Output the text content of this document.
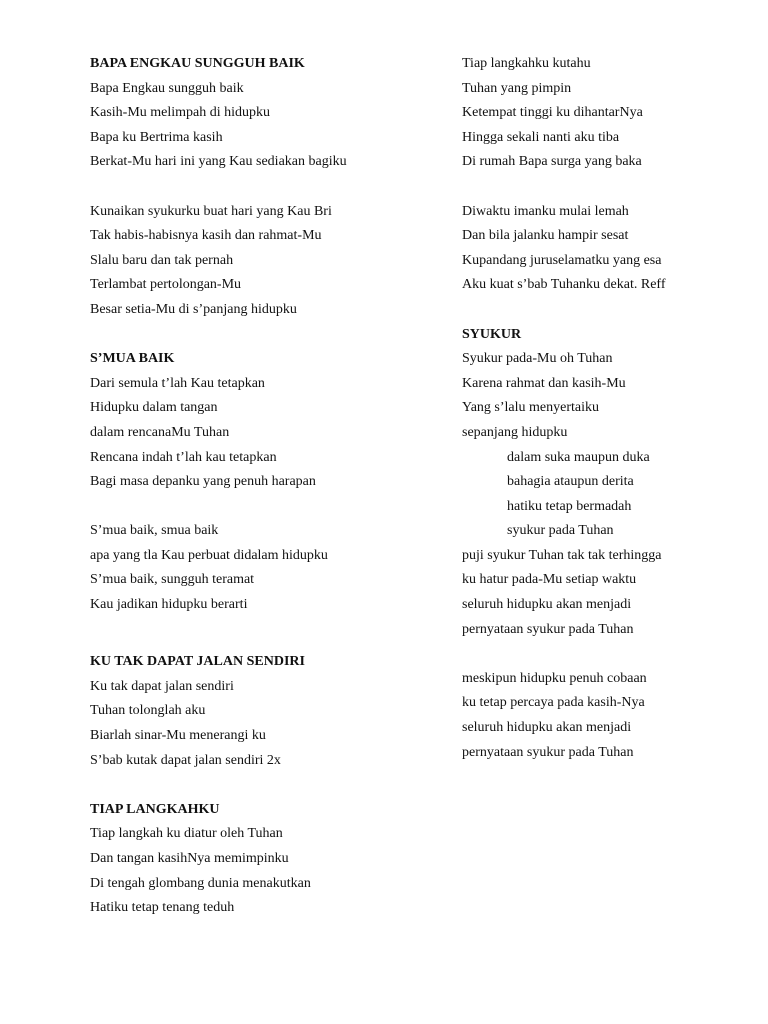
BAPA ENGKAU SUNGGUH BAIK
Bapa Engkau sungguh baik
Kasih-Mu melimpah di hidupku
Bapa ku Bertrima kasih
Berkat-Mu hari ini yang Kau sediakan bagiku
Kunaikan syukurku buat hari yang Kau Bri
Tak habis-habisnya kasih dan rahmat-Mu
Slalu baru dan tak pernah
Terlambat pertolongan-Mu
Besar setia-Mu di s’panjang hidupku
S’MUA BAIK
Dari semula t’lah Kau tetapkan
Hidupku dalam tangan
dalam rencanaMu Tuhan
Rencana indah t’lah kau tetapkan
Bagi masa depanku yang penuh harapan
S’mua baik, smua baik
apa yang tla Kau perbuat didalam hidupku
S’mua baik, sungguh teramat
Kau jadikan hidupku berarti
KU TAK DAPAT JALAN SENDIRI
Ku tak dapat jalan sendiri
Tuhan tolonglah aku
Biarlah sinar-Mu menerangi ku
S’bab kutak dapat jalan sendiri 2x
TIAP LANGKAHKU
Tiap langkah ku diatur oleh Tuhan
Dan tangan kasihNya memimpinku
Di tengah glombang dunia menakutkan
Hatiku tetap tenang teduh
Tiap langkahku kutahu
Tuhan yang pimpin
Ketempat tinggi ku dihantarNya
Hingga sekali nanti aku tiba
Di rumah Bapa surga yang baka
Diwaktu imanku mulai lemah
Dan bila jalanku hampir sesat
Kupandang juruselamatku yang esa
Aku kuat s’bab Tuhanku dekat. Reff
SYUKUR
Syukur pada-Mu oh Tuhan
Karena rahmat dan kasih-Mu
Yang s’lalu menyertaiku
sepanjang hidupku
dalam suka maupun duka
bahagia ataupun derita
hatiku tetap bermadah
syukur pada Tuhan
puji syukur Tuhan tak tak terhingga
ku hatur pada-Mu setiap waktu
seluruh hidupku akan menjadi
pernyataan syukur pada Tuhan
meskipun hidupku penuh cobaan
ku tetap percaya pada kasih-Nya
seluruh hidupku akan menjadi
pernyataan syukur pada Tuhan
